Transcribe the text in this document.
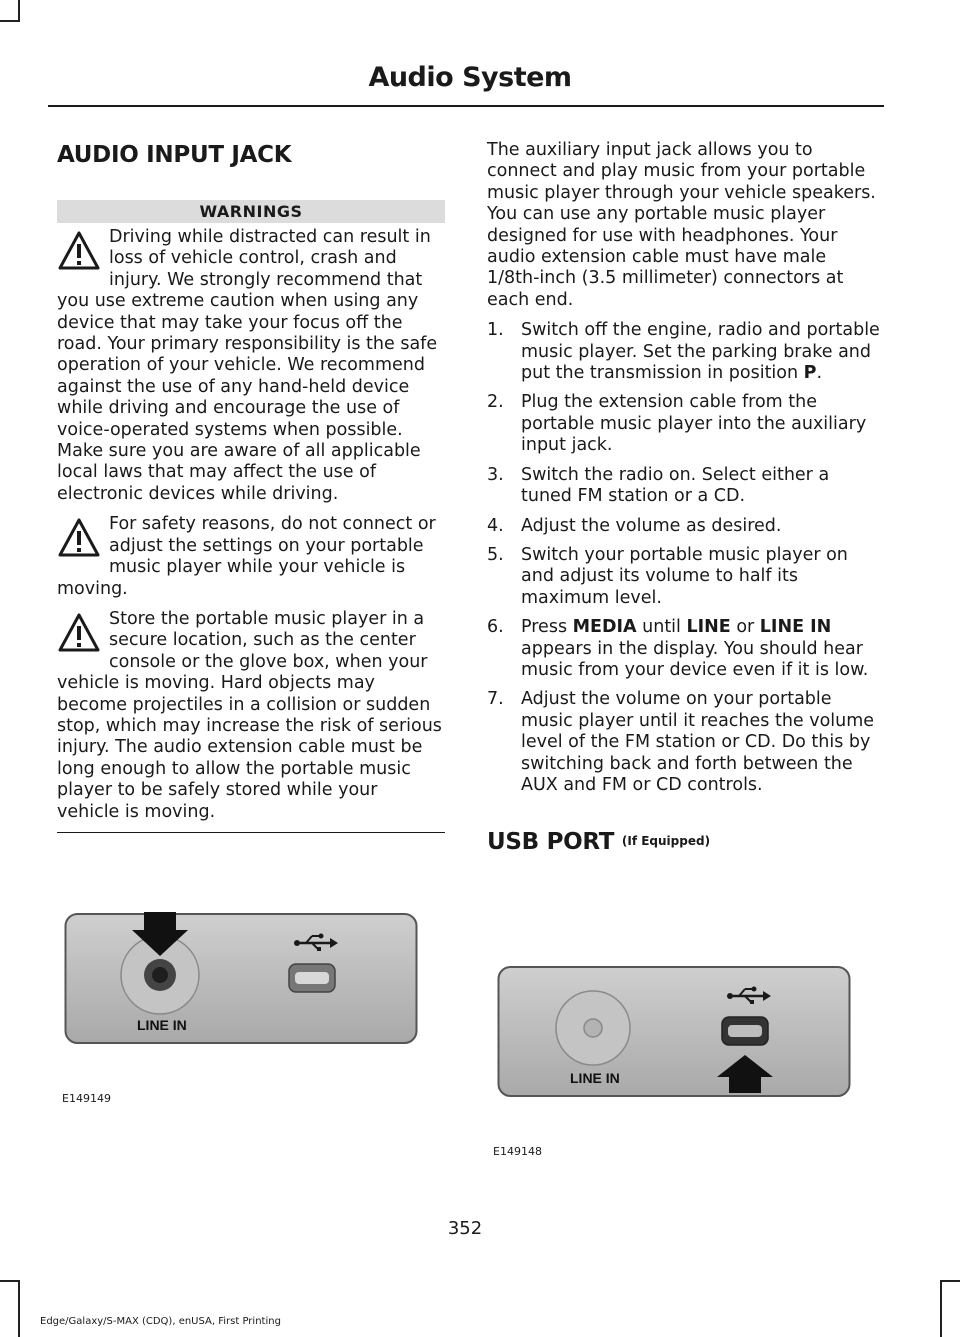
Audio System
AUDIO INPUT JACK
WARNINGS

Driving while distracted can result in loss of vehicle control, crash and injury. We strongly recommend that you use extreme caution when using any device that may take your focus off the road. Your primary responsibility is the safe operation of your vehicle. We recommend against the use of any hand-held device while driving and encourage the use of voice-operated systems when possible. Make sure you are aware of all applicable local laws that may affect the use of electronic devices while driving.

For safety reasons, do not connect or adjust the settings on your portable music player while your vehicle is moving.

Store the portable music player in a secure location, such as the center console or the glove box, when your vehicle is moving. Hard objects may become projectiles in a collision or sudden stop, which may increase the risk of serious injury. The audio extension cable must be long enough to allow the portable music player to be safely stored while your vehicle is moving.

LINE IN
E149149

The auxiliary input jack allows you to connect and play music from your portable music player through your vehicle speakers. You can use any portable music player designed for use with headphones. Your audio extension cable must have male 1/8th-inch (3.5 millimeter) connectors at each end.

1. Switch off the engine, radio and portable music player. Set the parking brake and put the transmission in position P.
2. Plug the extension cable from the portable music player into the auxiliary input jack.
3. Switch the radio on. Select either a tuned FM station or a CD.
4. Adjust the volume as desired.
5. Switch your portable music player on and adjust its volume to half its maximum level.
6. Press MEDIA until LINE or LINE IN appears in the display. You should hear music from your device even if it is low.
7. Adjust the volume on your portable music player until it reaches the volume level of the FM station or CD. Do this by switching back and forth between the AUX and FM or CD controls.
USB PORT (If Equipped)
LINE IN
E149148
352
Edge/Galaxy/S-MAX (CDQ), enUSA, First Printing
